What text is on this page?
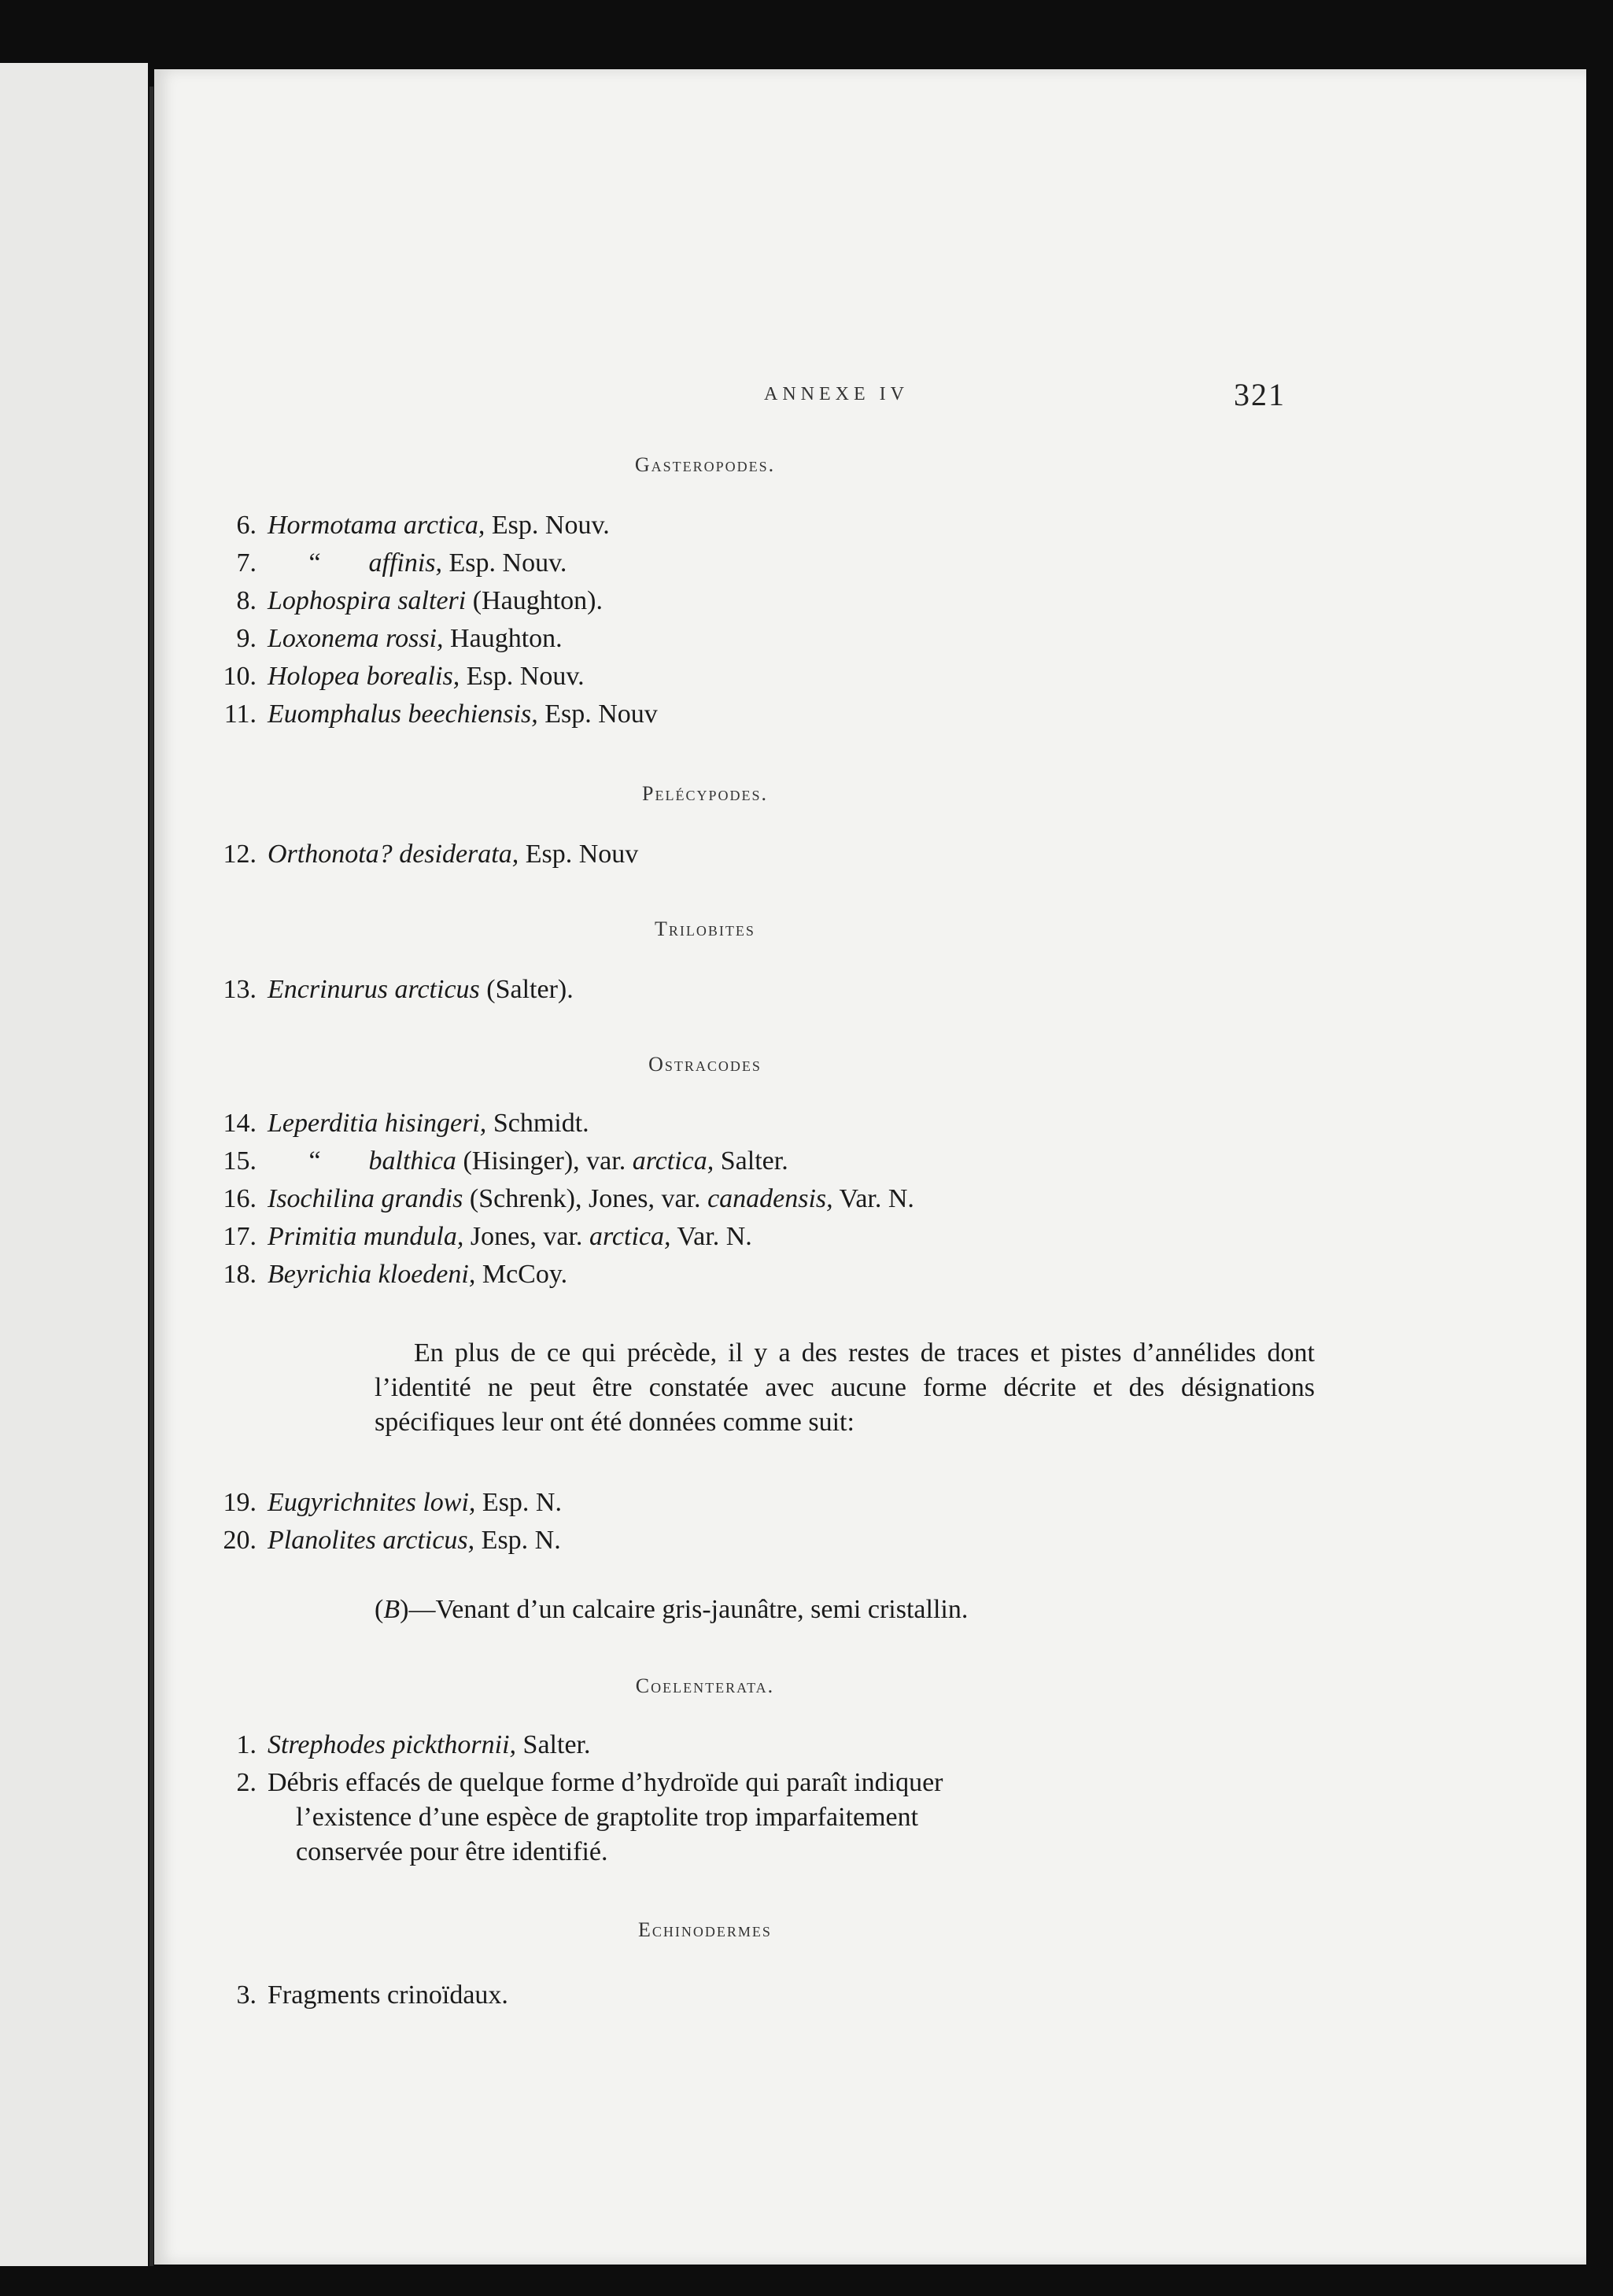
ANNEXE IV	321
Gasteropodes.
6. Hormotama arctica, Esp. Nouv.
7. “ affinis, Esp. Nouv.
8. Lophospira salteri (Haughton).
9. Loxonema rossi, Haughton.
10. Holopea borealis, Esp. Nouv.
11. Euomphalus beechiensis, Esp. Nouv
Pelécypodes.
12. Orthonota? desiderata, Esp. Nouv
Trilobites
13. Encrinurus arcticus (Salter).
Ostracodes
14. Leperditia hisingeri, Schmidt.
15. “ balthica (Hisinger), var. arctica, Salter.
16. Isochilina grandis (Schrenk), Jones, var. canadensis, Var. N.
17. Primitia mundula, Jones, var. arctica, Var. N.
18. Beyrichia kloedeni, McCoy.
En plus de ce qui précède, il y a des restes de traces et pistes d’annélides dont l’identité ne peut être constatée avec aucune forme décrite et des désignations spécifiques leur ont été données comme suit:
19. Eugyrichnites lowi, Esp. N.
20. Planolites arcticus, Esp. N.
(B)—Venant d’un calcaire gris-jaunâtre, semi cristallin.
Coelenterata.
1. Strephodes pickthornii, Salter.
2. Débris effacés de quelque forme d’hydroïde qui paraît indiquer
l’existence d’une espèce de graptolite trop imparfaitement
conservée pour être identifié.
Echinodermes
3. Fragments crinoïdaux.
